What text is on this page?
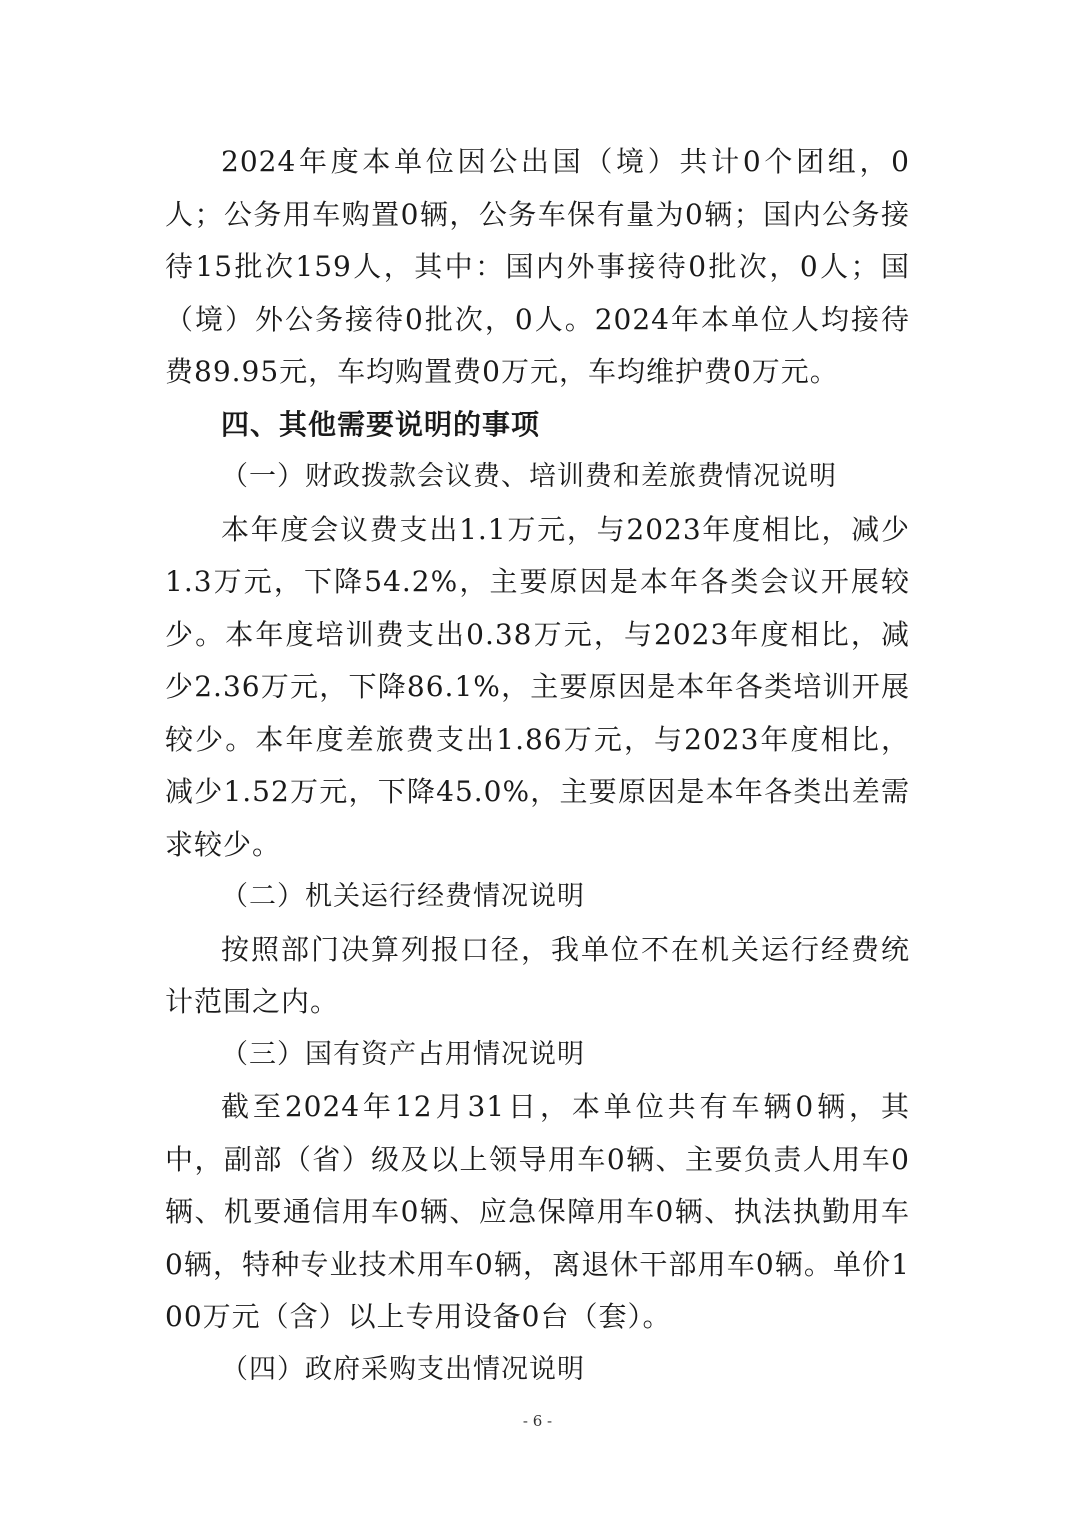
2024年度本单位因公出国（境）共计0个团组，0人；公务用车购置0辆，公务车保有量为0辆；国内公务接待15批次159人，其中：国内外事接待0批次，0人；国（境）外公务接待0批次，0人。2024年本单位人均接待费89.95元，车均购置费0万元，车均维护费0万元。

四、其他需要说明的事项

（一）财政拨款会议费、培训费和差旅费情况说明

本年度会议费支出1.1万元，与2023年度相比，减少1.3万元，下降54.2%，主要原因是本年各类会议开展较少。本年度培训费支出0.38万元，与2023年度相比，减少2.36万元，下降86.1%，主要原因是本年各类培训开展较少。本年度差旅费支出1.86万元，与2023年度相比，减少1.52万元，下降45.0%，主要原因是本年各类出差需求较少。

（二）机关运行经费情况说明

按照部门决算列报口径，我单位不在机关运行经费统计范围之内。

（三）国有资产占用情况说明

截至2024年12月31日，本单位共有车辆0辆，其中，副部（省）级及以上领导用车0辆、主要负责人用车0辆、机要通信用车0辆、应急保障用车0辆、执法执勤用车0辆，特种专业技术用车0辆，离退休干部用车0辆。单价100万元（含）以上专用设备0台（套）。

（四）政府采购支出情况说明

- 6 -
